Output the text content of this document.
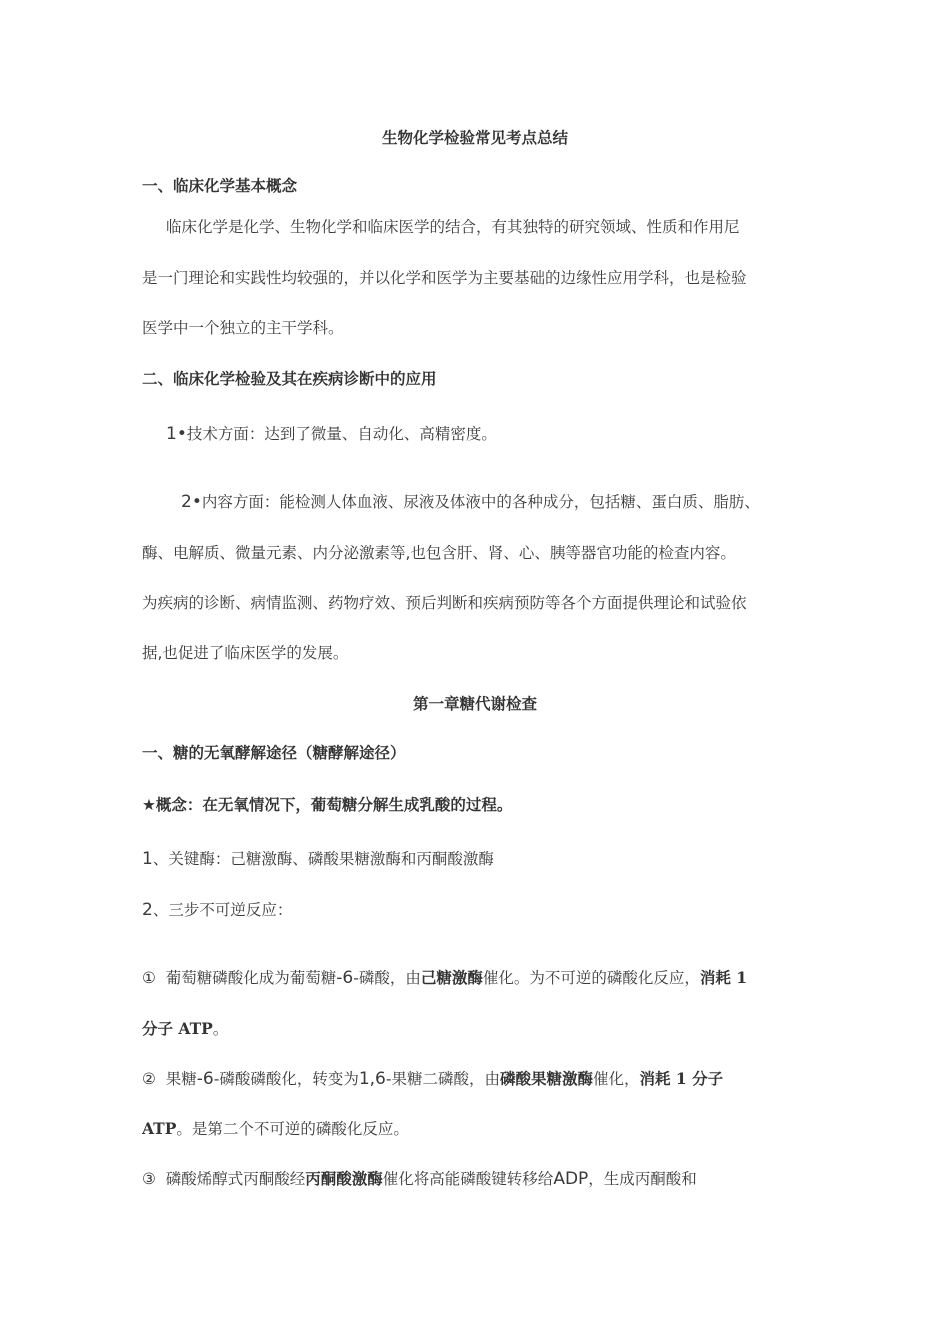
生物化学检验常见考点总结
一、临床化学基本概念
临床化学是化学、生物化学和临床医学的结合，有其独特的研究领域、性质和作用尼
是一门理论和实践性均较强的，并以化学和医学为主要基础的边缘性应用学科，也是检验
医学中一个独立的主干学科。
二、临床化学检验及其在疾病诊断中的应用
1•技术方面：达到了微量、自动化、高精密度。
2•内容方面：能检测人体血液、尿液及体液中的各种成分，包括糖、蛋白质、脂肪、
酶、电解质、微量元素、内分泌激素等,也包含肝、肾、心、胰等器官功能的检查内容。
为疾病的诊断、病情监测、药物疗效、预后判断和疾病预防等各个方面提供理论和试验依
据,也促进了临床医学的发展。
第一章糖代谢检查
一、糖的无氧酵解途径（糖酵解途径）
★概念：在无氧情况下，葡萄糖分解生成乳酸的过程。
1、关键酶：己糖激酶、磷酸果糖激酶和丙酮酸激酶
2、三步不可逆反应：
① 葡萄糖磷酸化成为葡萄糖-6-磷酸，由己糖激酶催化。为不可逆的磷酸化反应，消耗 1
分子 ATP。
② 果糖-6-磷酸磷酸化，转变为1,6-果糖二磷酸，由磷酸果糖激酶催化，消耗 1 分子
ATP。是第二个不可逆的磷酸化反应。
③ 磷酸烯醇式丙酮酸经丙酮酸激酶催化将高能磷酸键转移给ADP，生成丙酮酸和
